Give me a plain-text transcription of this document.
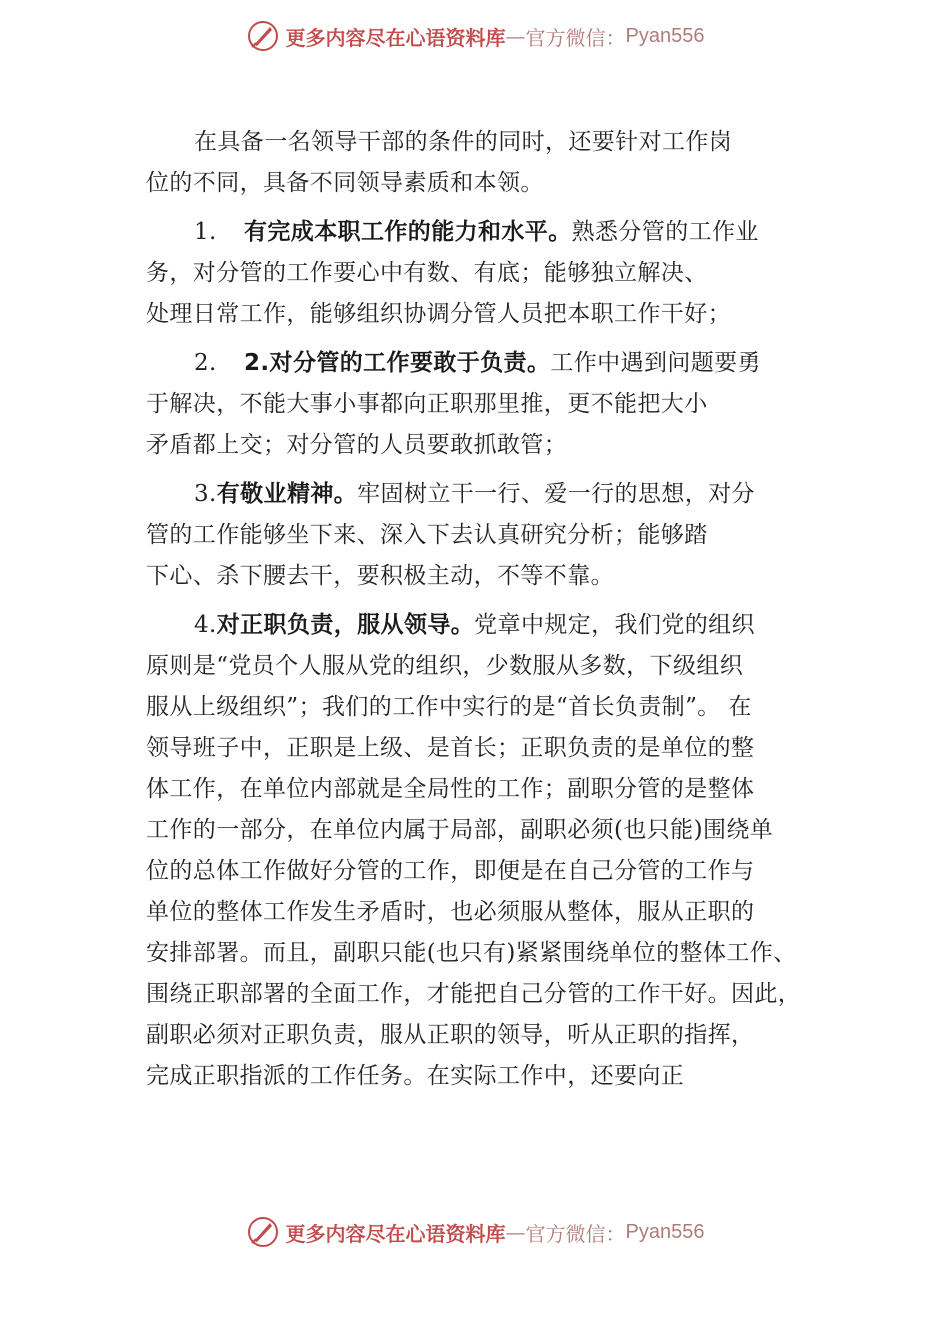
更多内容尽在心语资料库 — 官方微信： Pyan556
在具备一名领导干部的条件的同时，还要针对工作岗
位的不同，具备不同领导素质和本领。
1. 有完成本职工作的能力和水平。熟悉分管的工作业
务，对分管的工作要心中有数、有底；能够独立解决、
处理日常工作，能够组织协调分管人员把本职工作干好；
2. 2.对分管的工作要敢于负责。工作中遇到问题要勇
于解决，不能大事小事都向正职那里推，更不能把大小
矛盾都上交；对分管的人员要敢抓敢管；
3.有敬业精神。牢固树立干一行、爱一行的思想，对分
管的工作能够坐下来、深入下去认真研究分析；能够踏
下心、杀下腰去干，要积极主动，不等不靠。
4.对正职负责，服从领导。党章中规定，我们党的组织
原则是“党员个人服从党的组织，少数服从多数，下级组织
服从上级组织”；我们的工作中实行的是“首长负责制”。 在
领导班子中，正职是上级、是首长；正职负责的是单位的整
体工作，在单位内部就是全局性的工作；副职分管的是整体
工作的一部分，在单位内属于局部，副职必须(也只能)围绕单
位的总体工作做好分管的工作，即便是在自己分管的工作与
单位的整体工作发生矛盾时，也必须服从整体，服从正职的
安排部署。而且，副职只能(也只有)紧紧围绕单位的整体工作、
围绕正职部署的全面工作，才能把自己分管的工作干好。因此，
副职必须对正职负责，服从正职的领导，听从正职的指挥，
完成正职指派的工作任务。在实际工作中，还要向正
更多内容尽在心语资料库 — 官方微信： Pyan556
